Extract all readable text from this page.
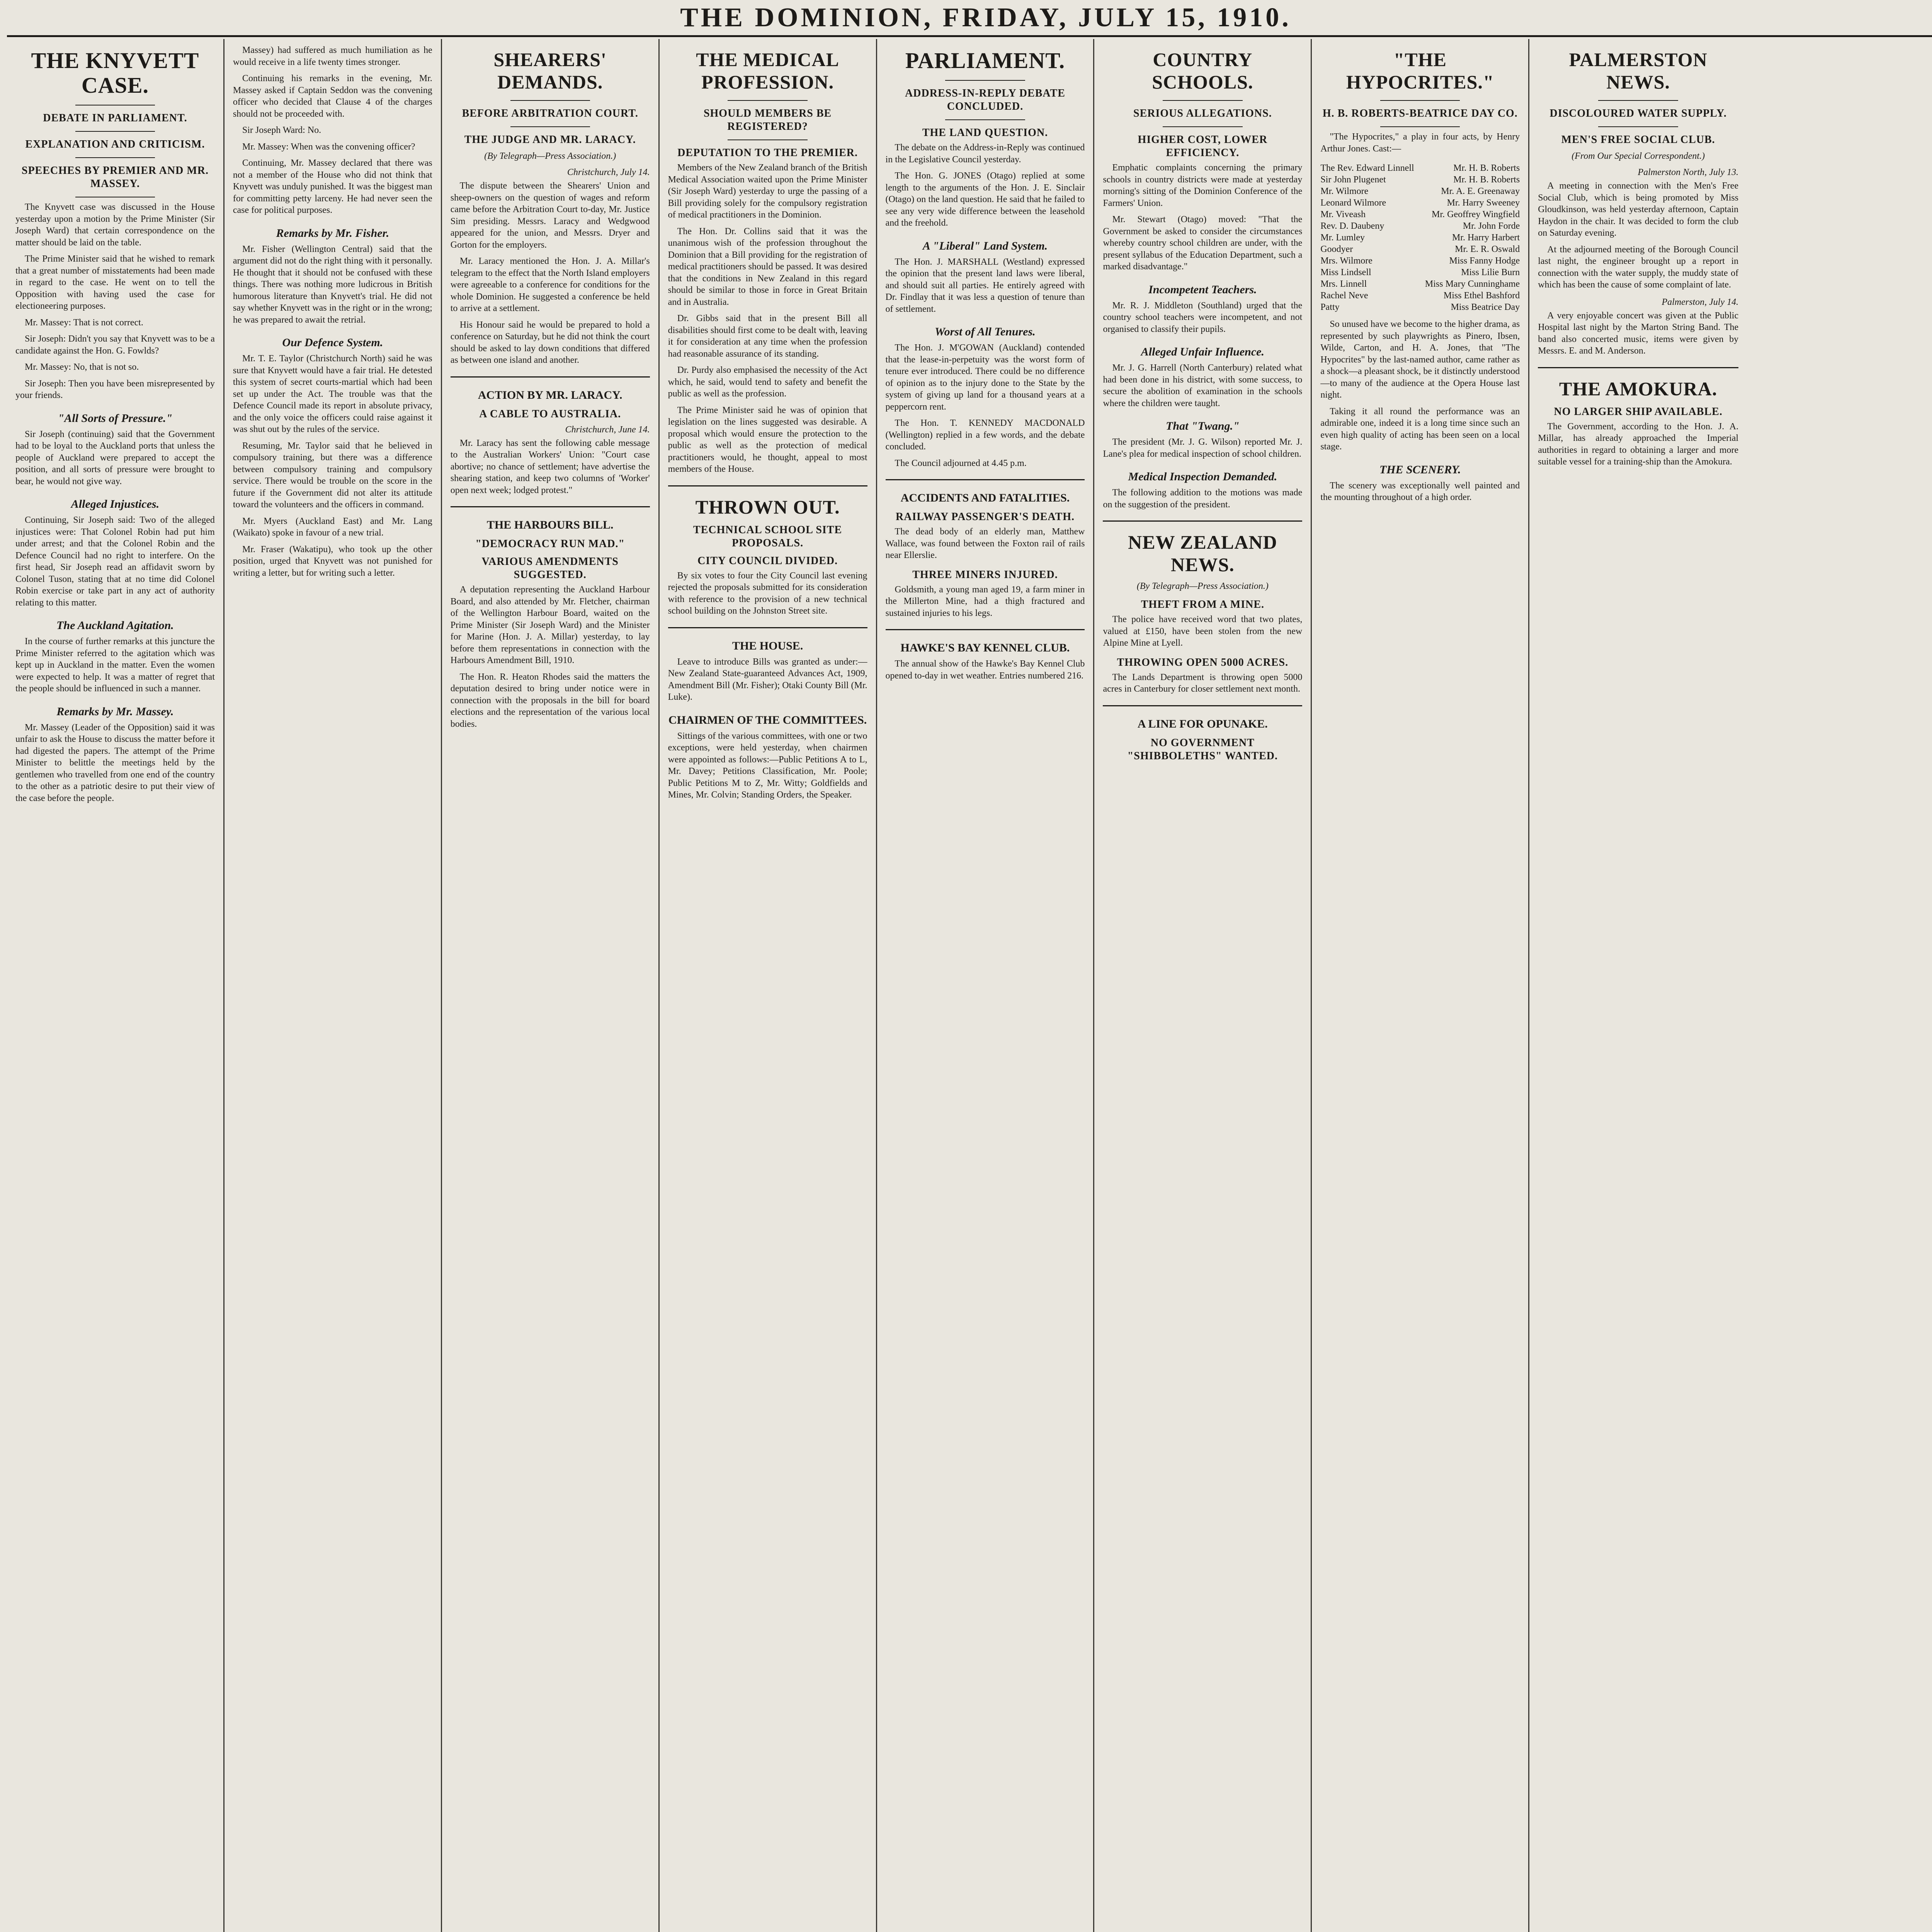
THE DOMINION, FRIDAY, JULY 15, 1910.
THE KNYVETT CASE.
DEBATE IN PARLIAMENT.
EXPLANATION AND CRITICISM.
SPEECHES BY PREMIER AND MR. MASSEY.

The Knyvett case was discussed in the House yesterday upon a motion by the Prime Minister (Sir Joseph Ward) that certain correspondence on the matter should be laid on the table.

The Prime Minister said that he wished to remark that a great number of misstatements had been made in regard to the case. He went on to tell the Opposition with having used the case for electioneering purposes.

Mr. Massey: That is not correct.

Sir Joseph: Didn't you say that Knyvett was to be a candidate against the Hon. G. Fowlds?

Mr. Massey: No, that is not so.

Sir Joseph: Then you have been misrepresented by your friends.

"All Sorts of Pressure."

Sir Joseph (continuing) said that the Government had to be loyal to the Auckland ports that unless the people of Auckland were prepared to accept the position, and all sorts of pressure were brought to bear, he would not give way.

Alleged Injustices.

Continuing, Sir Joseph said: Two of the alleged injustices were: That Colonel Robin had put him under arrest; and that the Colonel Robin and the Defence Council had no right to interfere. On the first head, Sir Joseph read an affidavit sworn by Colonel Tuson, stating that at no time did Colonel Robin exercise or take part in any act of authority relating to this matter.

The Auckland Agitation.

In the course of further remarks at this juncture the Prime Minister referred to the agitation which was kept up in Auckland in the matter. Even the women were expected to help. It was a matter of regret that the people should be influenced in such a manner.

Remarks by Mr. Massey.

Mr. Massey (Leader of the Opposition) said it was unfair to ask the House to discuss the matter before it had digested the papers. The attempt of the Prime Minister to belittle the meetings held by the gentlemen who travelled from one end of the country to the other as a patriotic desire to put their view of the case before the people.

Massey) had suffered as much humiliation as he would receive in a life twenty times stronger.

Continuing his remarks in the evening, Mr. Massey asked if Captain Seddon was the convening officer who decided that Clause 4 of the charges should not be proceeded with.

Sir Joseph Ward: No.

Mr. Massey: When was the convening officer?

Continuing, Mr. Massey declared that there was not a member of the House who did not think that Knyvett was unduly punished. It was the biggest man for committing petty larceny. He had never seen the case for political purposes.

Remarks by Mr. Fisher.

Mr. Fisher (Wellington Central) said that the argument did not do the right thing with it personally. He thought that it should not be confused with these things. There was nothing more ludicrous in British humorous literature than Knyvett's trial. He did not say whether Knyvett was in the right or in the wrong; he was prepared to await the retrial.

Our Defence System.

Mr. T. E. Taylor (Christchurch North) said he was sure that Knyvett would have a fair trial. He detested this system of secret courts-martial which had been set up under the Act. The trouble was that the Defence Council made its report in absolute privacy, and the only voice the officers could raise against it was shut out by the rules of the service.

Resuming, Mr. Taylor said that he believed in compulsory training, but there was a difference between compulsory training and compulsory service. There would be trouble on the score in the future if the Government did not alter its attitude toward the volunteers and the officers in command.

Mr. Myers (Auckland East) and Mr. Lang (Waikato) spoke in favour of a new trial.

Mr. Fraser (Wakatipu), who took up the other position, urged that Knyvett was not punished for writing a letter, but for writing such a letter.

SHEARERS' DEMANDS.
BEFORE ARBITRATION COURT.
THE JUDGE AND MR. LARACY.
(By Telegraph—Press Association.)
Christchurch, July 14.

The dispute between the Shearers' Union and sheep-owners on the question of wages and reform came before the Arbitration Court to-day, Mr. Justice Sim presiding. Messrs. Laracy and Wedgwood appeared for the union, and Messrs. Dryer and Gorton for the employers.

Mr. Laracy mentioned the Hon. J. A. Millar's telegram to the effect that the North Island employers were agreeable to a conference for conditions for the whole Dominion. He suggested a conference be held to arrive at a settlement.

His Honour said he would be prepared to hold a conference on Saturday, but he did not think the court should be asked to lay down conditions that differed as between one island and another.

ACTION BY MR. LARACY.
A CABLE TO AUSTRALIA.
Christchurch, June 14.

Mr. Laracy has sent the following cable message to the Australian Workers' Union: "Court case abortive; no chance of settlement; have advertise the shearing station, and keep two columns of 'Worker' open next week; lodged protest."

THE HARBOURS BILL.
"DEMOCRACY RUN MAD."
VARIOUS AMENDMENTS SUGGESTED.

A deputation representing the Auckland Harbour Board, and also attended by Mr. Fletcher, chairman of the Wellington Harbour Board, waited on the Prime Minister (Sir Joseph Ward) and the Minister for Marine (Hon. J. A. Millar) yesterday, to lay before them representations in connection with the Harbours Amendment Bill, 1910.

The Hon. R. Heaton Rhodes said the matters the deputation desired to bring under notice were in connection with the proposals in the bill for board elections and the representation of the various local bodies.

THE MEDICAL PROFESSION.
SHOULD MEMBERS BE REGISTERED?
DEPUTATION TO THE PREMIER.

Members of the New Zealand branch of the British Medical Association waited upon the Prime Minister (Sir Joseph Ward) yesterday to urge the passing of a Bill providing solely for the compulsory registration of medical practitioners in the Dominion.

The Hon. Dr. Collins said that it was the unanimous wish of the profession throughout the Dominion that a Bill providing for the registration of medical practitioners should be passed. It was desired that the conditions in New Zealand in this regard should be similar to those in force in Great Britain and in Australia.

Dr. Gibbs said that in the present Bill all disabilities should first come to be dealt with, leaving it for consideration at any time when the profession had reasonable assurance of its standing.

Dr. Purdy also emphasised the necessity of the Act which, he said, would tend to safety and benefit the public as well as the profession.

The Prime Minister said he was of opinion that legislation on the lines suggested was desirable. A proposal which would ensure the protection to the public as well as the protection of medical practitioners would, he thought, appeal to most members of the House.

THROWN OUT.
TECHNICAL SCHOOL SITE PROPOSALS.
CITY COUNCIL DIVIDED.

By six votes to four the City Council last evening rejected the proposals submitted for its consideration with reference to the provision of a new technical school building on the Johnston Street site.

THE HOUSE.

Leave to introduce Bills was granted as under:—New Zealand State-guaranteed Advances Act, 1909, Amendment Bill (Mr. Fisher); Otaki County Bill (Mr. Luke).

CHAIRMEN OF THE COMMITTEES.

Sittings of the various committees, with one or two exceptions, were held yesterday, when chairmen were appointed as follows:—Public Petitions A to L, Mr. Davey; Petitions Classification, Mr. Poole; Public Petitions M to Z, Mr. Witty; Goldfields and Mines, Mr. Colvin; Standing Orders, the Speaker.

PARLIAMENT.
ADDRESS-IN-REPLY DEBATE CONCLUDED.
THE LAND QUESTION.

The debate on the Address-in-Reply was continued in the Legislative Council yesterday.

The Hon. G. JONES (Otago) replied at some length to the arguments of the Hon. J. E. Sinclair (Otago) on the land question. He said that he failed to see any very wide difference between the leasehold and the freehold.

A "Liberal" Land System.

The Hon. J. MARSHALL (Westland) expressed the opinion that the present land laws were liberal, and should suit all parties. He entirely agreed with Dr. Findlay that it was less a question of tenure than of settlement.

Worst of All Tenures.

The Hon. J. M'GOWAN (Auckland) contended that the lease-in-perpetuity was the worst form of tenure ever introduced. There could be no difference of opinion as to the injury done to the State by the system of giving up land for a thousand years at a peppercorn rent.

The Hon. T. KENNEDY MACDONALD (Wellington) replied in a few words, and the debate concluded.

The Council adjourned at 4.45 p.m.

ACCIDENTS AND FATALITIES.
RAILWAY PASSENGER'S DEATH.

The dead body of an elderly man, Matthew Wallace, was found between the Foxton rail of rails near Ellerslie.

THREE MINERS INJURED.

Goldsmith, a young man aged 19, a farm miner in the Millerton Mine, had a thigh fractured and sustained injuries to his legs.

HAWKE'S BAY KENNEL CLUB.

The annual show of the Hawke's Bay Kennel Club opened to-day in wet weather. Entries numbered 216.

COUNTRY SCHOOLS.
SERIOUS ALLEGATIONS.
HIGHER COST, LOWER EFFICIENCY.

Emphatic complaints concerning the primary schools in country districts were made at yesterday morning's sitting of the Dominion Conference of the Farmers' Union.

Mr. Stewart (Otago) moved: "That the Government be asked to consider the circumstances whereby country school children are under, with the present syllabus of the Education Department, such a marked disadvantage."

Incompetent Teachers.

Mr. R. J. Middleton (Southland) urged that the country school teachers were incompetent, and not organised to classify their pupils.

Alleged Unfair Influence.

Mr. J. G. Harrell (North Canterbury) related what had been done in his district, with some success, to secure the abolition of examination in the schools where the children were taught.

That "Twang."

The president (Mr. J. G. Wilson) reported Mr. J. Lane's plea for medical inspection of school children.

Medical Inspection Demanded.

The following addition to the motions was made on the suggestion of the president.

NEW ZEALAND NEWS.
(By Telegraph—Press Association.)
THEFT FROM A MINE.

The police have received word that two plates, valued at £150, have been stolen from the new Alpine Mine at Lyell.

THROWING OPEN 5000 ACRES.

The Lands Department is throwing open 5000 acres in Canterbury for closer settlement next month.

A LINE FOR OPUNAKE.
NO GOVERNMENT "SHIBBOLETHS" WANTED.
"THE HYPOCRITES."
H. B. ROBERTS-BEATRICE DAY CO.

"The Hypocrites," a play in four acts, by Henry Arthur Jones. Cast:—

The Rev. Edward Linnell	Mr. H. B. Roberts
Sir John Plugenet	Mr. H. B. Roberts
Mr. Wilmore	Mr. A. E. Greenaway
Leonard Wilmore	Mr. Harry Sweeney
Mr. Viveash	Mr. Geoffrey Wingfield
Rev. D. Daubeny	Mr. John Forde
Mr. Lumley	Mr. Harry Harbert
Goodyer	Mr. E. R. Oswald
Mrs. Wilmore	Miss Fanny Hodge
Miss Lindsell	Miss Lilie Burn
Mrs. Linnell	Miss Mary Cunninghame
Rachel Neve	Miss Ethel Bashford
Patty	Miss Beatrice Day

So unused have we become to the higher drama, as represented by such playwrights as Pinero, Ibsen, Wilde, Carton, and H. A. Jones, that "The Hypocrites" by the last-named author, came rather as a shock—a pleasant shock, be it distinctly understood—to many of the audience at the Opera House last night.

Taking it all round the performance was an admirable one, indeed it is a long time since such an even high quality of acting has been seen on a local stage.

THE SCENERY.

The scenery was exceptionally well painted and the mounting throughout of a high order.

PALMERSTON NEWS.
DISCOLOURED WATER SUPPLY.
MEN'S FREE SOCIAL CLUB.
(From Our Special Correspondent.)
Palmerston North, July 13.

A meeting in connection with the Men's Free Social Club, which is being promoted by Miss Gloudkinson, was held yesterday afternoon, Captain Haydon in the chair. It was decided to form the club on Saturday evening.

At the adjourned meeting of the Borough Council last night, the engineer brought up a report in connection with the water supply, the muddy state of which has been the cause of some complaint of late.

Palmerston, July 14.

A very enjoyable concert was given at the Public Hospital last night by the Marton String Band. The band also concerted music, items were given by Messrs. E. and M. Anderson.

THE AMOKURA.
NO LARGER SHIP AVAILABLE.

The Government, according to the Hon. J. A. Millar, has already approached the Imperial authorities in regard to obtaining a larger and more suitable vessel for a training-ship than the Amokura.
